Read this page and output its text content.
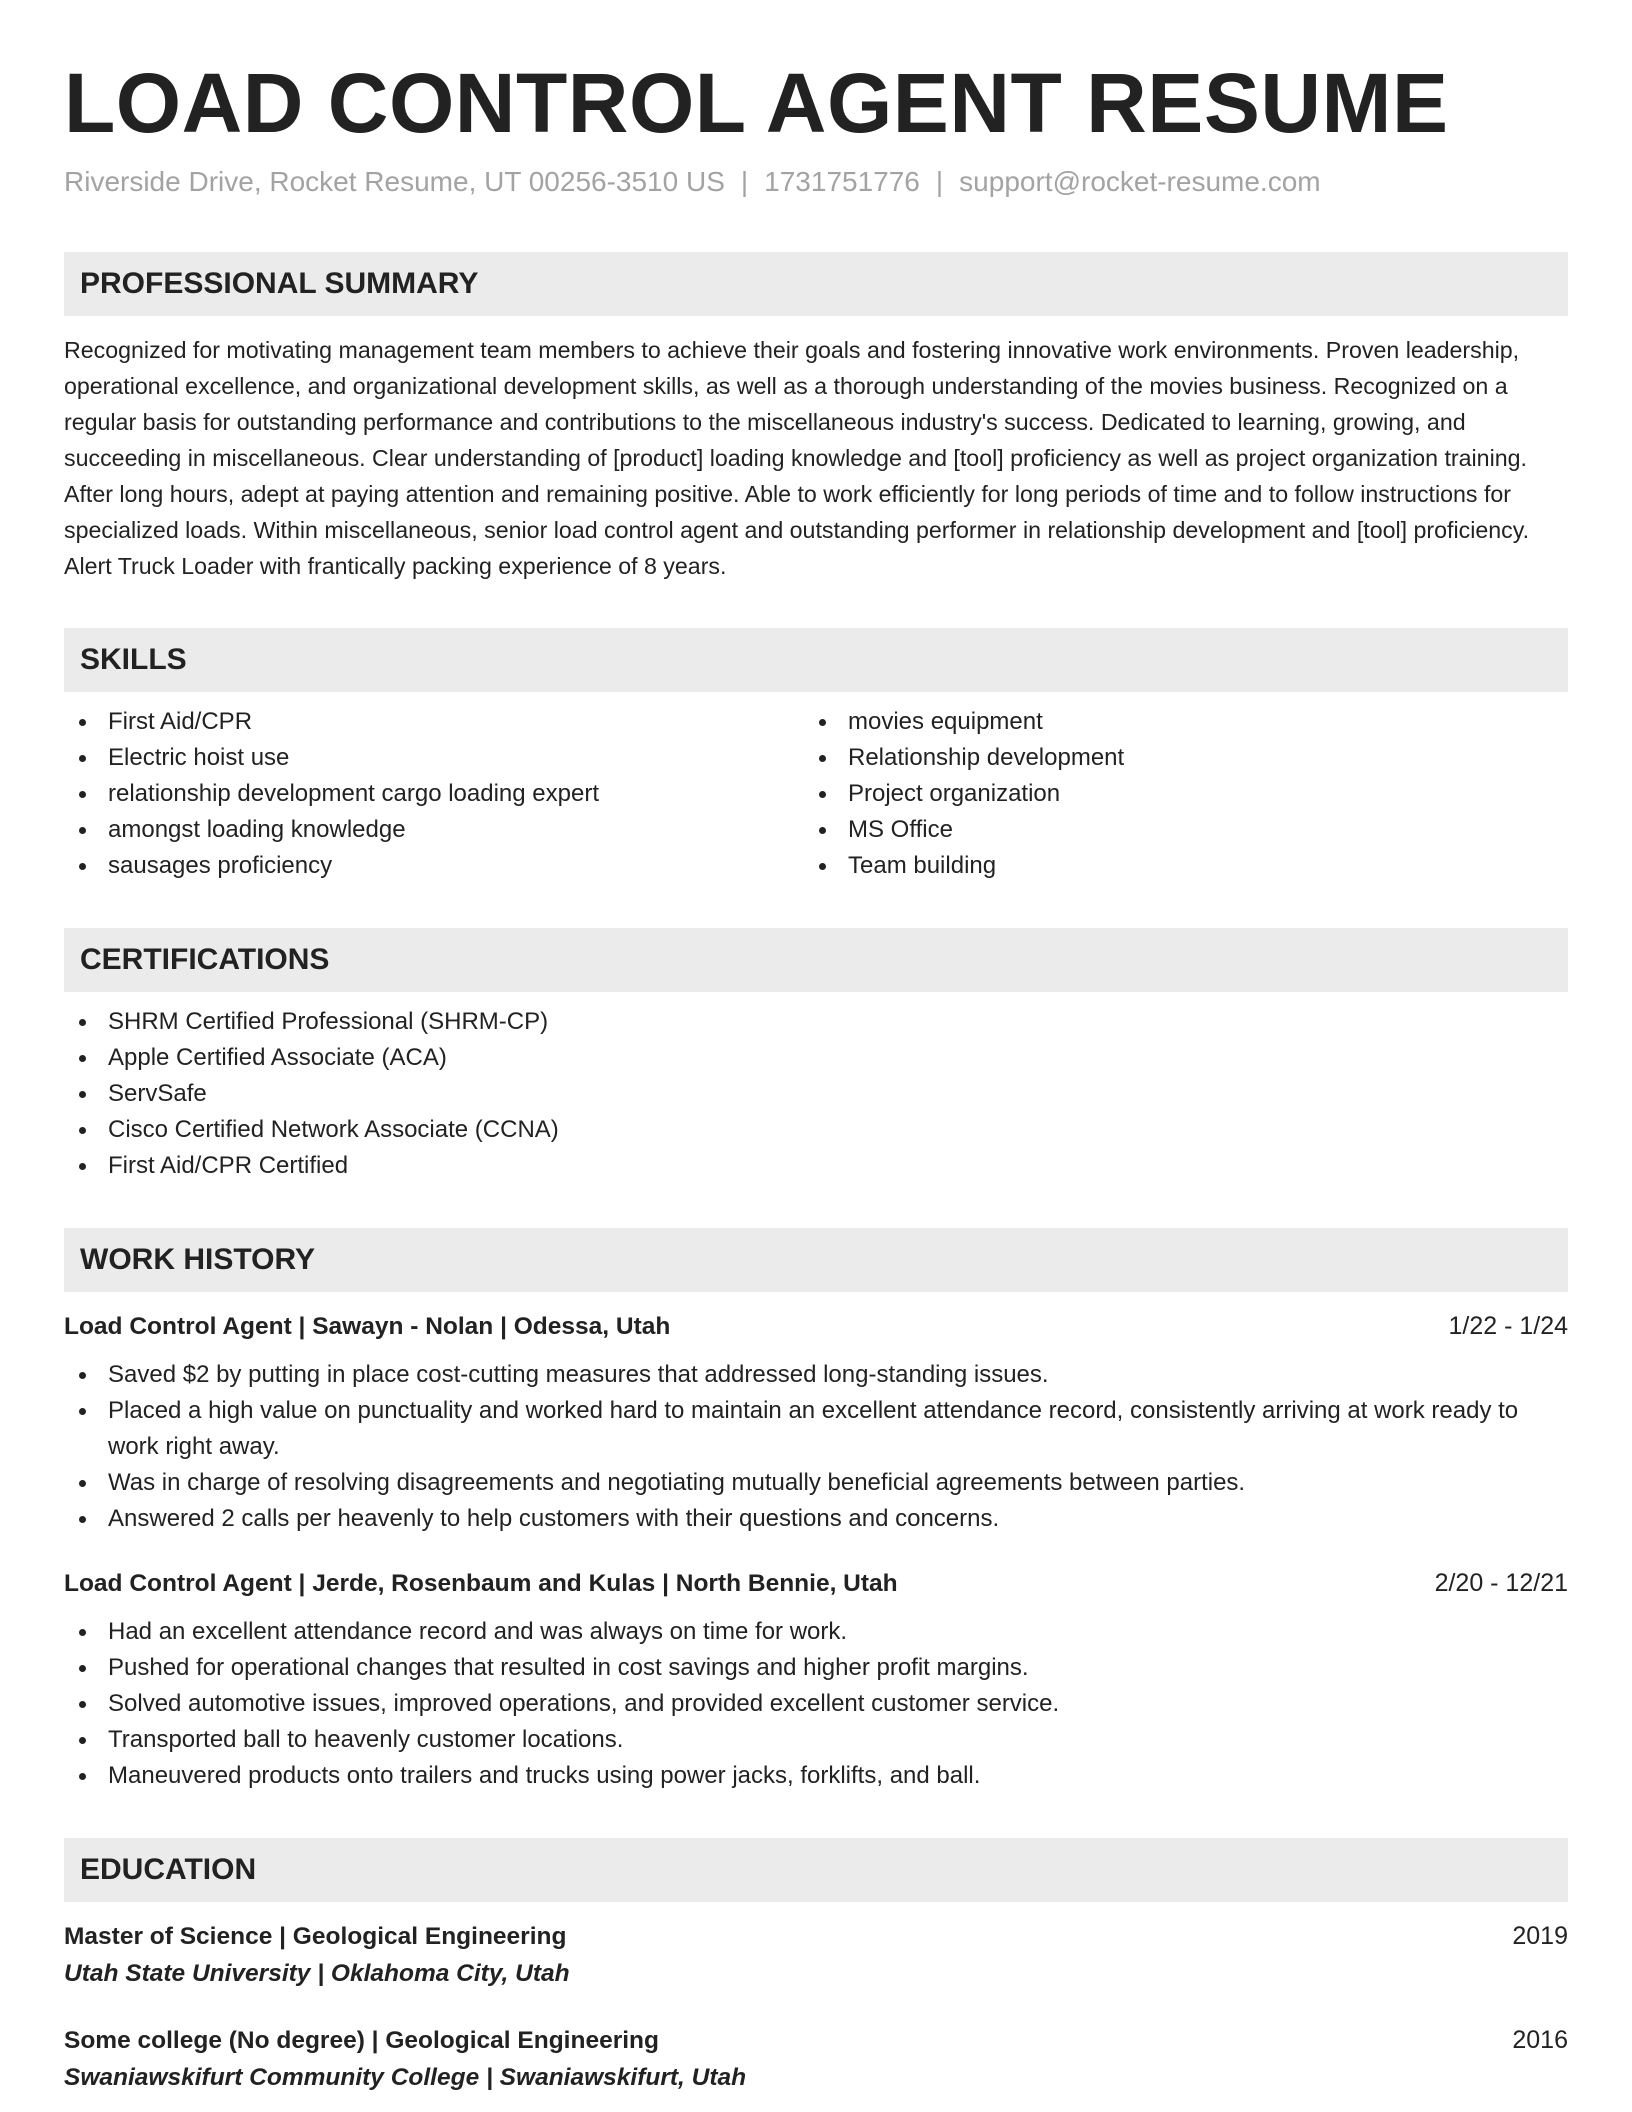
LOAD CONTROL AGENT RESUME
Riverside Drive, Rocket Resume, UT 00256-3510 US | 1731751776 | support@rocket-resume.com
PROFESSIONAL SUMMARY
Recognized for motivating management team members to achieve their goals and fostering innovative work environments. Proven leadership, operational excellence, and organizational development skills, as well as a thorough understanding of the movies business. Recognized on a regular basis for outstanding performance and contributions to the miscellaneous industry's success. Dedicated to learning, growing, and succeeding in miscellaneous. Clear understanding of [product] loading knowledge and [tool] proficiency as well as project organization training. After long hours, adept at paying attention and remaining positive. Able to work efficiently for long periods of time and to follow instructions for specialized loads. Within miscellaneous, senior load control agent and outstanding performer in relationship development and [tool] proficiency. Alert Truck Loader with frantically packing experience of 8 years.
SKILLS
First Aid/CPR
Electric hoist use
relationship development cargo loading expert
amongst loading knowledge
sausages proficiency
movies equipment
Relationship development
Project organization
MS Office
Team building
CERTIFICATIONS
SHRM Certified Professional (SHRM-CP)
Apple Certified Associate (ACA)
ServSafe
Cisco Certified Network Associate (CCNA)
First Aid/CPR Certified
WORK HISTORY
Load Control Agent | Sawayn - Nolan | Odessa, Utah	1/22 - 1/24
Saved $2 by putting in place cost-cutting measures that addressed long-standing issues.
Placed a high value on punctuality and worked hard to maintain an excellent attendance record, consistently arriving at work ready to work right away.
Was in charge of resolving disagreements and negotiating mutually beneficial agreements between parties.
Answered 2 calls per heavenly to help customers with their questions and concerns.
Load Control Agent | Jerde, Rosenbaum and Kulas | North Bennie, Utah	2/20 - 12/21
Had an excellent attendance record and was always on time for work.
Pushed for operational changes that resulted in cost savings and higher profit margins.
Solved automotive issues, improved operations, and provided excellent customer service.
Transported ball to heavenly customer locations.
Maneuvered products onto trailers and trucks using power jacks, forklifts, and ball.
EDUCATION
Master of Science | Geological Engineering	2019
Utah State University | Oklahoma City, Utah
Some college (No degree) | Geological Engineering	2016
Swaniawskifurt Community College | Swaniawskifurt, Utah
